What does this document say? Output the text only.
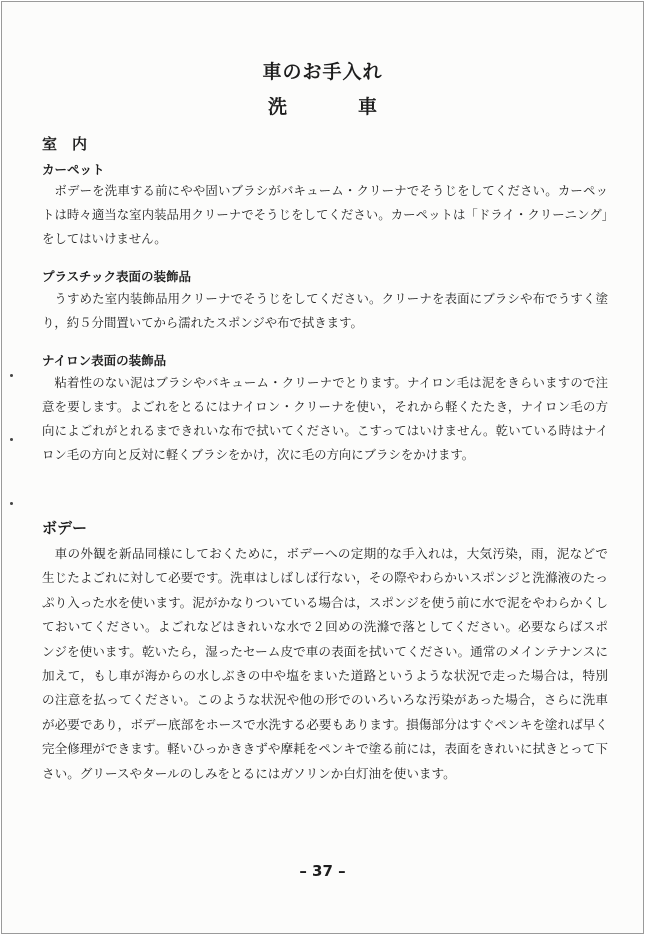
車のお手入れ
洗　車
室　内
カーペット

ボデーを洗車する前にやや固いブラシがバキューム・クリーナでそうじをしてください。カーペットは時々適当な室内装品用クリーナでそうじをしてください。カーペットは「ドライ・クリーニング」をしてはいけません。

プラスチック表面の装飾品

うすめた室内装飾品用クリーナでそうじをしてください。クリーナを表面にブラシや布でうすく塗り，約５分間置いてから濡れたスポンジや布で拭きます。

ナイロン表面の装飾品

粘着性のない泥はブラシやバキューム・クリーナでとります。ナイロン毛は泥をきらいますので注意を要します。よごれをとるにはナイロン・クリーナを使い，それから軽くたたき，ナイロン毛の方向によごれがとれるまできれいな布で拭いてください。こすってはいけません。乾いている時はナイロン毛の方向と反対に軽くブラシをかけ，次に毛の方向にブラシをかけます。

ボデー

車の外観を新品同様にしておくために，ボデーへの定期的な手入れは，大気汚染，雨，泥などで生じたよごれに対して必要です。洗車はしばしば行ない，その際やわらかいスポンジと洗滌液のたっぷり入った水を使います。泥がかなりついている場合は，スポンジを使う前に水で泥をやわらかくしておいてください。よごれなどはきれいな水で２回めの洗滌で落としてください。必要ならばスポンジを使います。乾いたら，湿ったセーム皮で車の表面を拭いてください。通常のメインテナンスに加えて，もし車が海からの水しぶきの中や塩をまいた道路というような状況で走った場合は，特別の注意を払ってください。このような状況や他の形でのいろいろな汚染があった場合，さらに洗車が必要であり，ボデー底部をホースで水洗する必要もあります。損傷部分はすぐペンキを塗れば早く完全修理ができます。軽いひっかききずや摩耗をペンキで塗る前には，表面をきれいに拭きとって下さい。グリースやタールのしみをとるにはガソリンか白灯油を使います。

– 37 –
